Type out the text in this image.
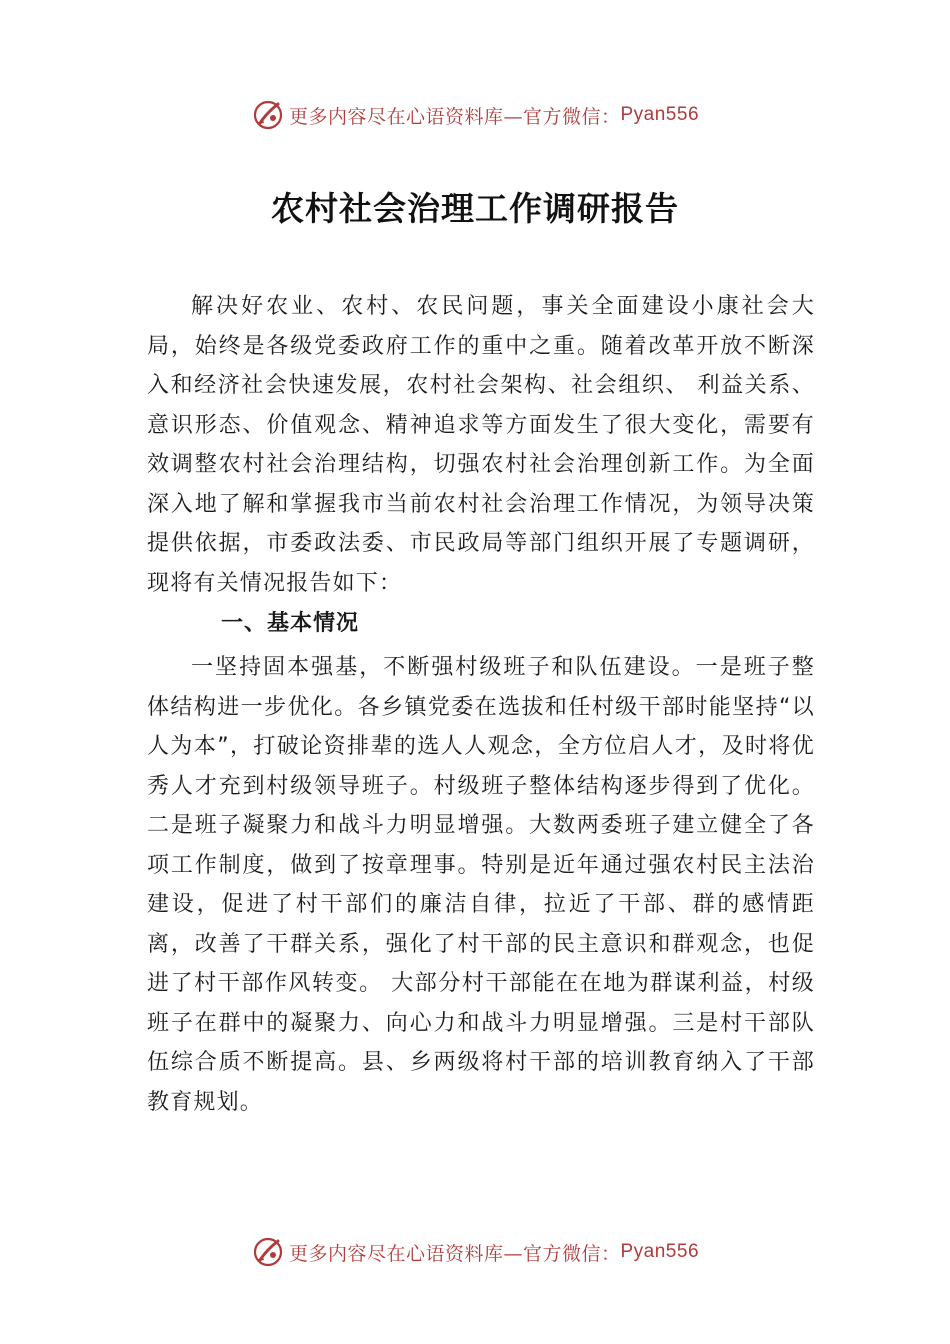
更多内容尽在心语资料库—官方微信： Pyan556
农村社会治理工作调研报告

解决好农业、农村、农民问题，事关全面建设小康社会大局，始终是各级党委政府工作的重中之重。随着改革开放不断深入和经济社会快速发展，农村社会架构、社会组织、 利益关系、意识形态、价值观念、精神追求等方面发生了很大变化，需要有效调整农村社会治理结构，切强农村社会治理创新工作。为全面深入地了解和掌握我市当前农村社会治理工作情况，为领导决策提供依据，市委政法委、市民政局等部门组织开展了专题调研，现将有关情况报告如下：

一、基本情况

一坚持固本强基，不断强村级班子和队伍建设。一是班子整体结构进一步优化。各乡镇党委在选拔和任村级干部时能坚持“以人为本”，打破论资排辈的选人人观念，全方位启人才，及时将优秀人才充到村级领导班子。村级班子整体结构逐步得到了优化。二是班子凝聚力和战斗力明显增强。大数两委班子建立健全了各项工作制度，做到了按章理事。特别是近年通过强农村民主法治建设，促进了村干部们的廉洁自律，拉近了干部、群的感情距离，改善了干群关系，强化了村干部的民主意识和群观念，也促进了村干部作风转变。 大部分村干部能在在地为群谋利益，村级班子在群中的凝聚力、向心力和战斗力明显增强。三是村干部队伍综合质不断提高。县、乡两级将村干部的培训教育纳入了干部教育规划。

更多内容尽在心语资料库—官方微信： Pyan556
